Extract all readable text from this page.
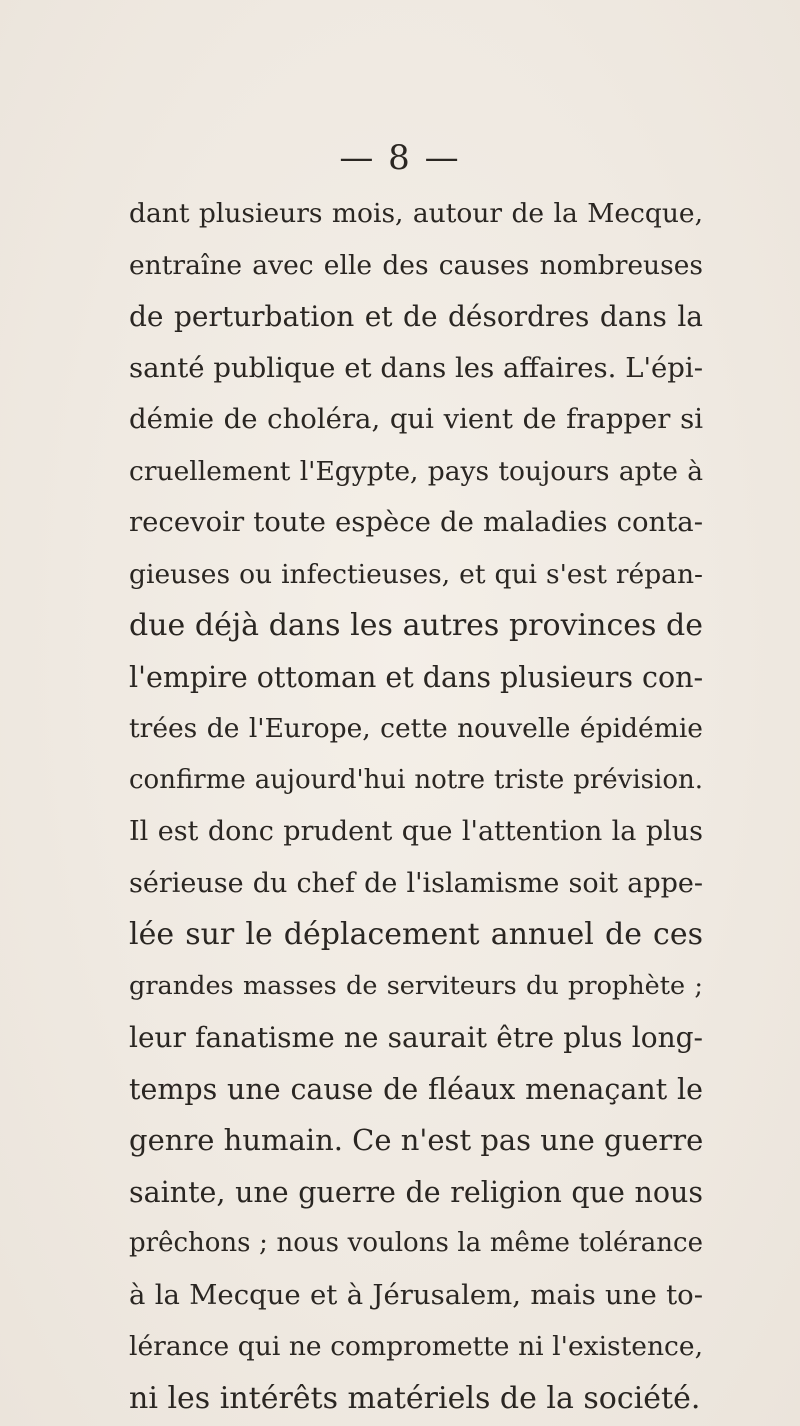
— 8 —
dant plusieurs mois, autour de la Mecque,
entraîne avec elle des causes nombreuses
de perturbation et de désordres dans la
santé publique et dans les affaires. L'épi-
démie de choléra, qui vient de frapper si
cruellement l'Egypte, pays toujours apte à
recevoir toute espèce de maladies conta-
gieuses ou infectieuses, et qui s'est répan-
due déjà dans les autres provinces de
l'empire ottoman et dans plusieurs con-
trées de l'Europe, cette nouvelle épidémie
confirme aujourd'hui notre triste prévision.
Il est donc prudent que l'attention la plus
sérieuse du chef de l'islamisme soit appe-
lée sur le déplacement annuel de ces
grandes masses de serviteurs du prophète ;
leur fanatisme ne saurait être plus long-
temps une cause de fléaux menaçant le
genre humain. Ce n'est pas une guerre
sainte, une guerre de religion que nous
prêchons ; nous voulons la même tolérance
à la Mecque et à Jérusalem, mais une to-
lérance qui ne compromette ni l'existence,
ni les intérêts matériels de la société.
